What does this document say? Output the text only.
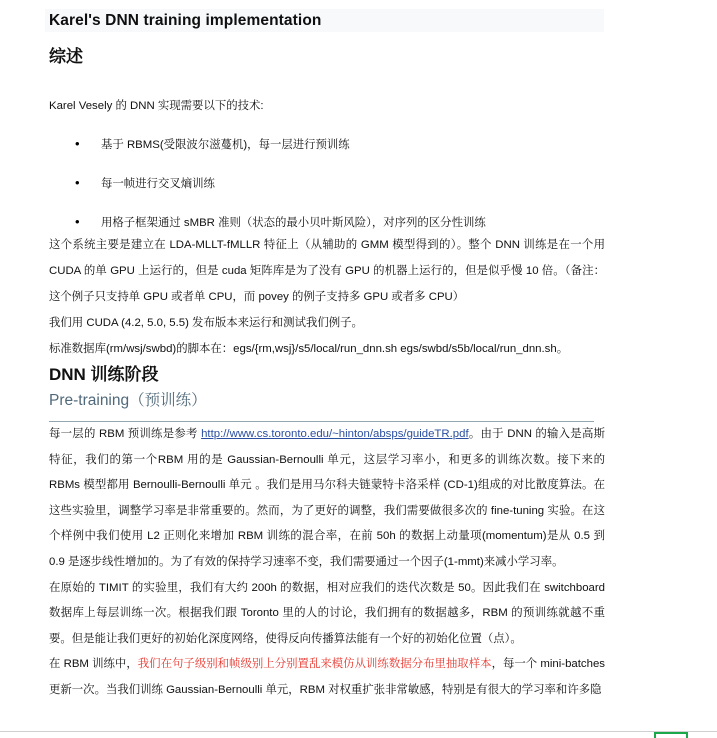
Karel's DNN training implementation
综述

Karel Vesely 的 DNN 实现需要以下的技术:

• 基于 RBMS(受限波尔滋蔓机)，每一层进行预训练
• 每一帧进行交叉熵训练
• 用格子框架通过 sMBR 准则（状态的最小贝叶斯风险），对序列的区分性训练

这个系统主要是建立在 LDA-MLLT-fMLLR 特征上（从辅助的 GMM 模型得到的）。整个 DNN 训练是在一个用 CUDA 的单 GPU 上运行的，但是 cuda 矩阵库是为了没有 GPU 的机器上运行的，但是似乎慢 10 倍。（备注：这个例子只支持单 GPU 或者单 CPU，而 povey 的例子支持多 GPU 或者多 CPU）

我们用 CUDA (4.2, 5.0, 5.5) 发布版本来运行和测试我们例子。

标准数据库(rm/wsj/swbd)的脚本在：egs/{rm,wsj}/s5/local/run_dnn.sh egs/swbd/s5b/local/run_dnn.sh。

DNN 训练阶段
Pre-training（预训练）

每一层的 RBM 预训练是参考 http://www.cs.toronto.edu/~hinton/absps/guideTR.pdf。由于 DNN 的输入是高斯特征，我们的第一个RBM 用的是 Gaussian-Bernoulli 单元，这层学习率小，和更多的训练次数。接下来的 RBMs 模型都用 Bernoulli-Bernoulli 单元 。我们是用马尔科夫链蒙特卡洛采样 (CD-1)组成的对比散度算法。在这些实验里，调整学习率是非常重要的。然而，为了更好的调整，我们需要做很多次的 fine-tuning 实验。在这个样例中我们使用 L2 正则化来增加 RBM 训练的混合率，在前 50h 的数据上动量项(momentum)是从 0.5 到 0.9 是逐步线性增加的。为了有效的保持学习速率不变，我们需要通过一个因子(1-mmt)来减小学习率。

在原始的 TIMIT 的实验里，我们有大约 200h 的数据，相对应我们的迭代次数是 50。因此我们在 switchboard 数据库上每层训练一次。根据我们跟 Toronto 里的人的讨论，我们拥有的数据越多，RBM 的预训练就越不重要。但是能让我们更好的初始化深度网络，使得反向传播算法能有一个好的初始化位置（点）。

在 RBM 训练中，我们在句子级别和帧级别上分别置乱来模仿从训练数据分布里抽取样本，每一个 mini-batches 更新一次。当我们训练 Gaussian-Bernoulli 单元，RBM 对权重扩张非常敏感，特别是有很大的学习率和许多隐
